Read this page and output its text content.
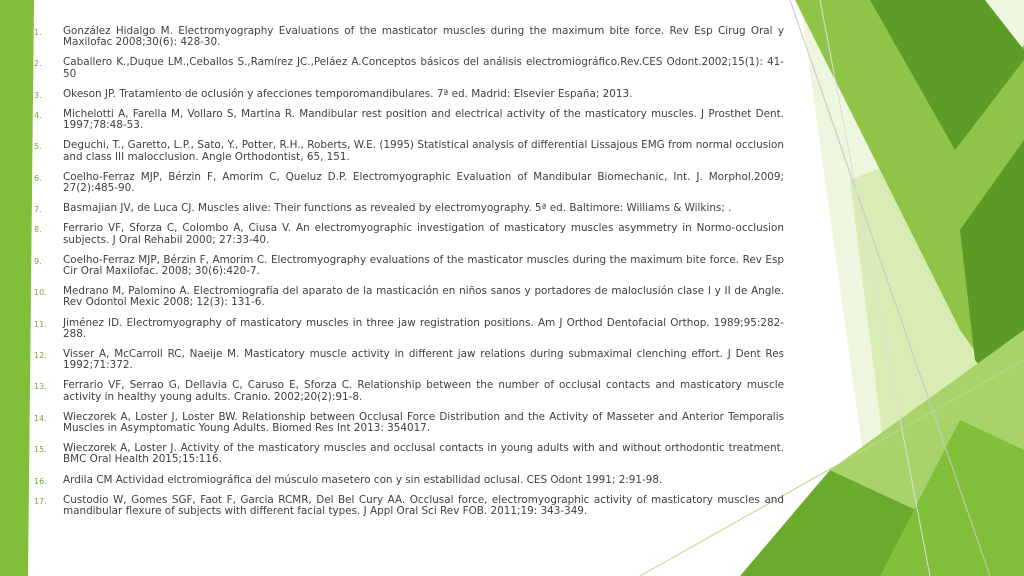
1. González Hidalgo M. Electromyography Evaluations of the masticator muscles during the maximum bite force. Rev Esp Cirug Oral y Maxilofac 2008;30(6): 428-30.
2. Caballero K.,Duque LM.,Ceballos S.,Ramírez JC.,Peláez A.Conceptos básicos del análisis electromiográfico.Rev.CES Odont.2002;15(1): 41-50
3. Okeson JP. Tratamiento de oclusión y afecciones temporomandibulares. 7ª ed. Madrid: Elsevier España; 2013.
4. Michelotti A, Farella M, Vollaro S, Martina R. Mandibular rest position and electrical activity of the masticatory muscles. J Prosthet Dent. 1997;78:48-53.
5. Deguchi, T., Garetto, L.P., Sato, Y., Potter, R.H., Roberts, W.E. (1995) Statistical analysis of differential Lissajous EMG from normal occlusion and class III malocclusion. Angle Orthodontist, 65, 151.
6. Coelho-Ferraz MJP, Bérzin F, Amorim C, Queluz D.P. Electromyographic Evaluation of Mandibular Biomechanic, Int. J. Morphol.2009; 27(2):485-90.
7. Basmajian JV, de Luca CJ. Muscles alive: Their functions as revealed by electromyography. 5ª ed. Baltimore: Williams & Wilkins; .
8. Ferrario VF, Sforza C, Colombo A, Ciusa V. An electromyographic investigation of masticatory muscles asymmetry in Normo-occlusion subjects. J Oral Rehabil 2000; 27:33-40.
9. Coelho-Ferraz MJP, Bérzin F, Amorim C. Electromyography evaluations of the masticator muscles during the maximum bite force. Rev Esp Cir Oral Maxilofac. 2008; 30(6):420-7.
10. Medrano M, Palomino A. Electromiografía del aparato de la masticación en niños sanos y portadores de maloclusión clase I y II de Angle. Rev Odontol Mexic 2008; 12(3): 131-6.
11. Jiménez ID. Electromyography of masticatory muscles in three jaw registration positions. Am J Orthod Dentofacial Orthop. 1989;95:282-288.
12. Visser A, McCarroll RC, Naeije M. Masticatory muscle activity in different jaw relations during submaximal clenching effort. J Dent Res 1992;71:372.
13. Ferrario VF, Serrao G, Dellavia C, Caruso E, Sforza C. Relationship between the number of occlusal contacts and masticatory muscle activity in healthy young adults. Cranio. 2002;20(2):91-8.
14. Wieczorek A, Loster J, Loster BW. Relationship between Occlusal Force Distribution and the Activity of Masseter and Anterior Temporalis Muscles in Asymptomatic Young Adults. Biomed Res Int 2013: 354017.
15. Wieczorek A, Loster J. Activity of the masticatory muscles and occlusal contacts in young adults with and without orthodontic treatment. BMC Oral Health 2015;15:116.
16. Ardila CM Actividad elctromiográfica del músculo masetero con y sin estabilidad oclusal. CES Odont 1991; 2:91-98.
17. Custodio W, Gomes SGF, Faot F, Garcia RCMR, Del Bel Cury AA. Occlusal force, electromyographic activity of masticatory muscles and mandibular flexure of subjects with different facial types. J Appl Oral Sci Rev FOB. 2011;19: 343-349.
